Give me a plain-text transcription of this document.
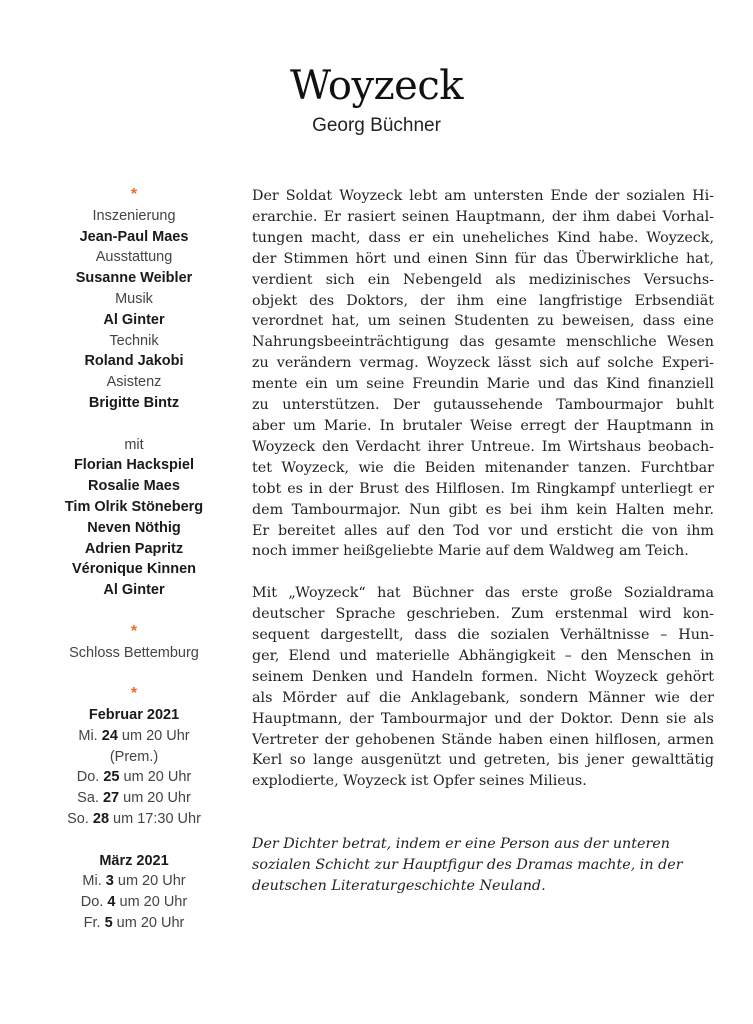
Woyzeck
Georg Büchner
*
Inszenierung
Jean-Paul Maes
Ausstattung
Susanne Weibler
Musik
Al Ginter
Technik
Roland Jakobi
Asistenz
Brigitte Bintz
mit
Florian Hackspiel
Rosalie Maes
Tim Olrik Stöneberg
Neven Nöthig
Adrien Papritz
Véronique Kinnen
Al Ginter
*
Schloss Bettemburg
*
Februar 2021
Mi. 24 um 20 Uhr
(Prem.)
Do. 25 um 20 Uhr
Sa. 27 um 20 Uhr
So. 28 um 17:30 Uhr
März 2021
Mi. 3 um 20 Uhr
Do. 4 um 20 Uhr
Fr. 5 um 20 Uhr
Der Soldat Woyzeck lebt am untersten Ende der sozialen Hi-
erarchie. Er rasiert seinen Hauptmann, der ihm dabei Vorhal-
tungen macht, dass er ein uneheliches Kind habe. Woyzeck,
der Stimmen hört und einen Sinn für das Überwirkliche hat,
verdient sich ein Nebengeld als medizinisches Versuchs-
objekt des Doktors, der ihm eine langfristige Erbsendiät
verordnet hat, um seinen Studenten zu beweisen, dass eine
Nahrungsbeeinträchtigung das gesamte menschliche Wesen
zu verändern vermag. Woyzeck lässt sich auf solche Experi-
mente ein um seine Freundin Marie und das Kind finanziell
zu unterstützen. Der gutaussehende Tambourmajor buhlt
aber um Marie. In brutaler Weise erregt der Hauptmann in
Woyzeck den Verdacht ihrer Untreue. Im Wirtshaus beobach-
tet Woyzeck, wie die Beiden mitenander tanzen. Furchtbar
tobt es in der Brust des Hilflosen. Im Ringkampf unterliegt er
dem Tambourmajor. Nun gibt es bei ihm kein Halten mehr.
Er bereitet alles auf den Tod vor und ersticht die von ihm
noch immer heißgeliebte Marie auf dem Waldweg am Teich.
Mit „Woyzeck“ hat Büchner das erste große Sozialdrama
deutscher Sprache geschrieben. Zum erstenmal wird kon-
sequent dargestellt, dass die sozialen Verhältnisse – Hun-
ger, Elend und materielle Abhängigkeit – den Menschen in
seinem Denken und Handeln formen. Nicht Woyzeck gehört
als Mörder auf die Anklagebank, sondern Männer wie der
Hauptmann, der Tambourmajor und der Doktor. Denn sie als
Vertreter der gehobenen Stände haben einen hilflosen, armen
Kerl so lange ausgenützt und getreten, bis jener gewalttätig
explodierte, Woyzeck ist Opfer seines Milieus.
Der Dichter betrat, indem er eine Person aus der unteren
sozialen Schicht zur Hauptfigur des Dramas machte, in der
deutschen Literaturgeschichte Neuland.
